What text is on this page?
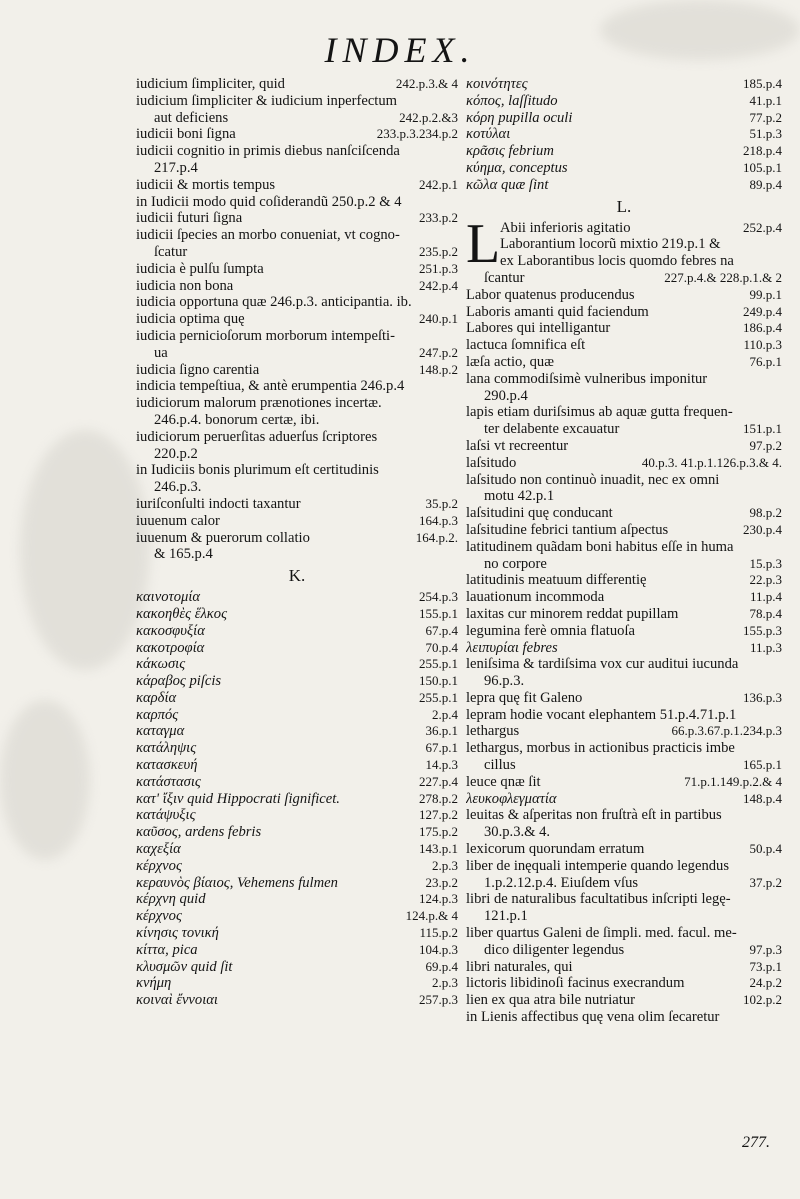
INDEX.
iudicium ſimpliciter, quid	242.p.3.& 4
iudicium ſimpliciter & iudicium inperfectum
aut deficiens	242.p.2.&3
iudicii boni ſigna	233.p.3.234.p.2
iudicii cognitio in primis diebus nanſciſcenda
217.p.4
iudicii & mortis tempus	242.p.1
in Iudicii modo quid coſiderandũ 250.p.2 & 4
iudicii futuri ſigna	233.p.2
iudicii ſpecies an morbo conueniat, vt cogno-
ſcatur	235.p.2
iudicia è pulſu ſumpta	251.p.3
iudicia non bona	242.p.4
iudicia opportuna quæ 246.p.3. anticipantia. ib.
iudicia optima quę	240.p.1
iudicia pernicioſorum morborum intempeſti-
ua	247.p.2
iudicia ſigno carentia	148.p.2
indicia tempeſtiua, & antè erumpentia 246.p.4
iudiciorum malorum prænotiones incertæ.
246.p.4. bonorum certæ, ibi.
iudiciorum peruerſitas aduerſus ſcriptores
220.p.2
in Iudiciis bonis plurimum eſt certitudinis
246.p.3.
iuriſconſulti indocti taxantur	35.p.2
iuuenum calor	164.p.3
iuuenum & puerorum collatio	164.p.2.
& 165.p.4
K.
καινοτομία	254.p.3
κακοηθὲς ἕλκος	155.p.1
κακοσφυξία	67.p.4
κακοτροφία	70.p.4
κάκωσις	255.p.1
κάραβος piſcis	150.p.1
καρδία	255.p.1
καρπός	2.p.4
καταγμα	36.p.1
κατάληψις	67.p.1
κατασκευή	14.p.3
κατάστασις	227.p.4
κατ' ἴξιν quid Hippocrati ſignificet.	278.p.2
κατάψυξις	127.p.2
καῦσος, ardens febris	175.p.2
καχεξία	143.p.1
κέρχνος	2.p.3
κεραυνὸς βίαιος, Vehemens fulmen	23.p.2
κέρχνη quid	124.p.3
κέρχνος	124.p.& 4
κίνησις τονική	115.p.2
κίττα, pica	104.p.3
κλυσμῶν quid ſit	69.p.4
κνήμη	2.p.3
κοιναὶ ἔννοιαι	257.p.3
κοινότητες	185.p.4
κόπος, laſſitudo	41.p.1
κόρη pupilla oculi	77.p.2
κοτύλαι	51.p.3
κρᾶσις febrium	218.p.4
κύημα, conceptus	105.p.1
κῶλα quæ ſint	89.p.4
L.
L Abii inferioris agitatio	252.p.4
Laborantium locorũ mixtio 219.p.1 &
ex Laborantibus locis quomdo febres na
ſcantur	227.p.4.& 228.p.1.& 2
Labor quatenus producendus	99.p.1
Laboris amanti quid faciendum	249.p.4
Labores qui intelligantur	186.p.4
lactuca ſomnifica eſt	110.p.3
læſa actio, quæ	76.p.1
lana commodiſsimè vulneribus imponitur
290.p.4
lapis etiam duriſsimus ab aquæ gutta frequen-
ter delabente excauatur	151.p.1
laſsi vt recreentur	97.p.2
laſsitudo	40.p.3. 41.p.1.126.p.3.& 4.
laſsitudo non continuò inuadit, nec ex omni
motu 42.p.1
laſsitudini quę conducant	98.p.2
laſsitudine febrici tantium aſpectus	230.p.4
latitudinem quãdam boni habitus eſſe in huma
no corpore	15.p.3
latitudinis meatuum differentię	22.p.3
lauationum incommoda	11.p.4
laxitas cur minorem reddat pupillam	78.p.4
legumina ferè omnia flatuoſa	155.p.3
λειπυρίαι febres	11.p.3
leniſsima & tardiſsima vox cur auditui iucunda
96.p.3.
lepra quę fit Galeno	136.p.3
lepram hodie vocant elephantem 51.p.4.71.p.1
lethargus	66.p.3.67.p.1.234.p.3
lethargus, morbus in actionibus practicis imbe
cillus	165.p.1
leuce qnæ ſit	71.p.1.149.p.2.& 4
λευκοφλεγματία	148.p.4
leuitas & aſperitas non fruſtrà eſt in partibus
30.p.3.& 4.
lexicorum quorundam erratum	50.p.4
liber de inęquali intemperie quando legendus
1.p.2.12.p.4. Eiuſdem vſus	37.p.2
libri de naturalibus facultatibus inſcripti legę-
121.p.1
liber quartus Galeni de ſimpli. med. facul. me-
dico diligenter legendus	97.p.3
libri naturales, qui	73.p.1
lictoris libidinoſi facinus execrandum	24.p.2
lien ex qua atra bile nutriatur	102.p.2
in Lienis affectibus quę vena olim ſecaretur
277.
